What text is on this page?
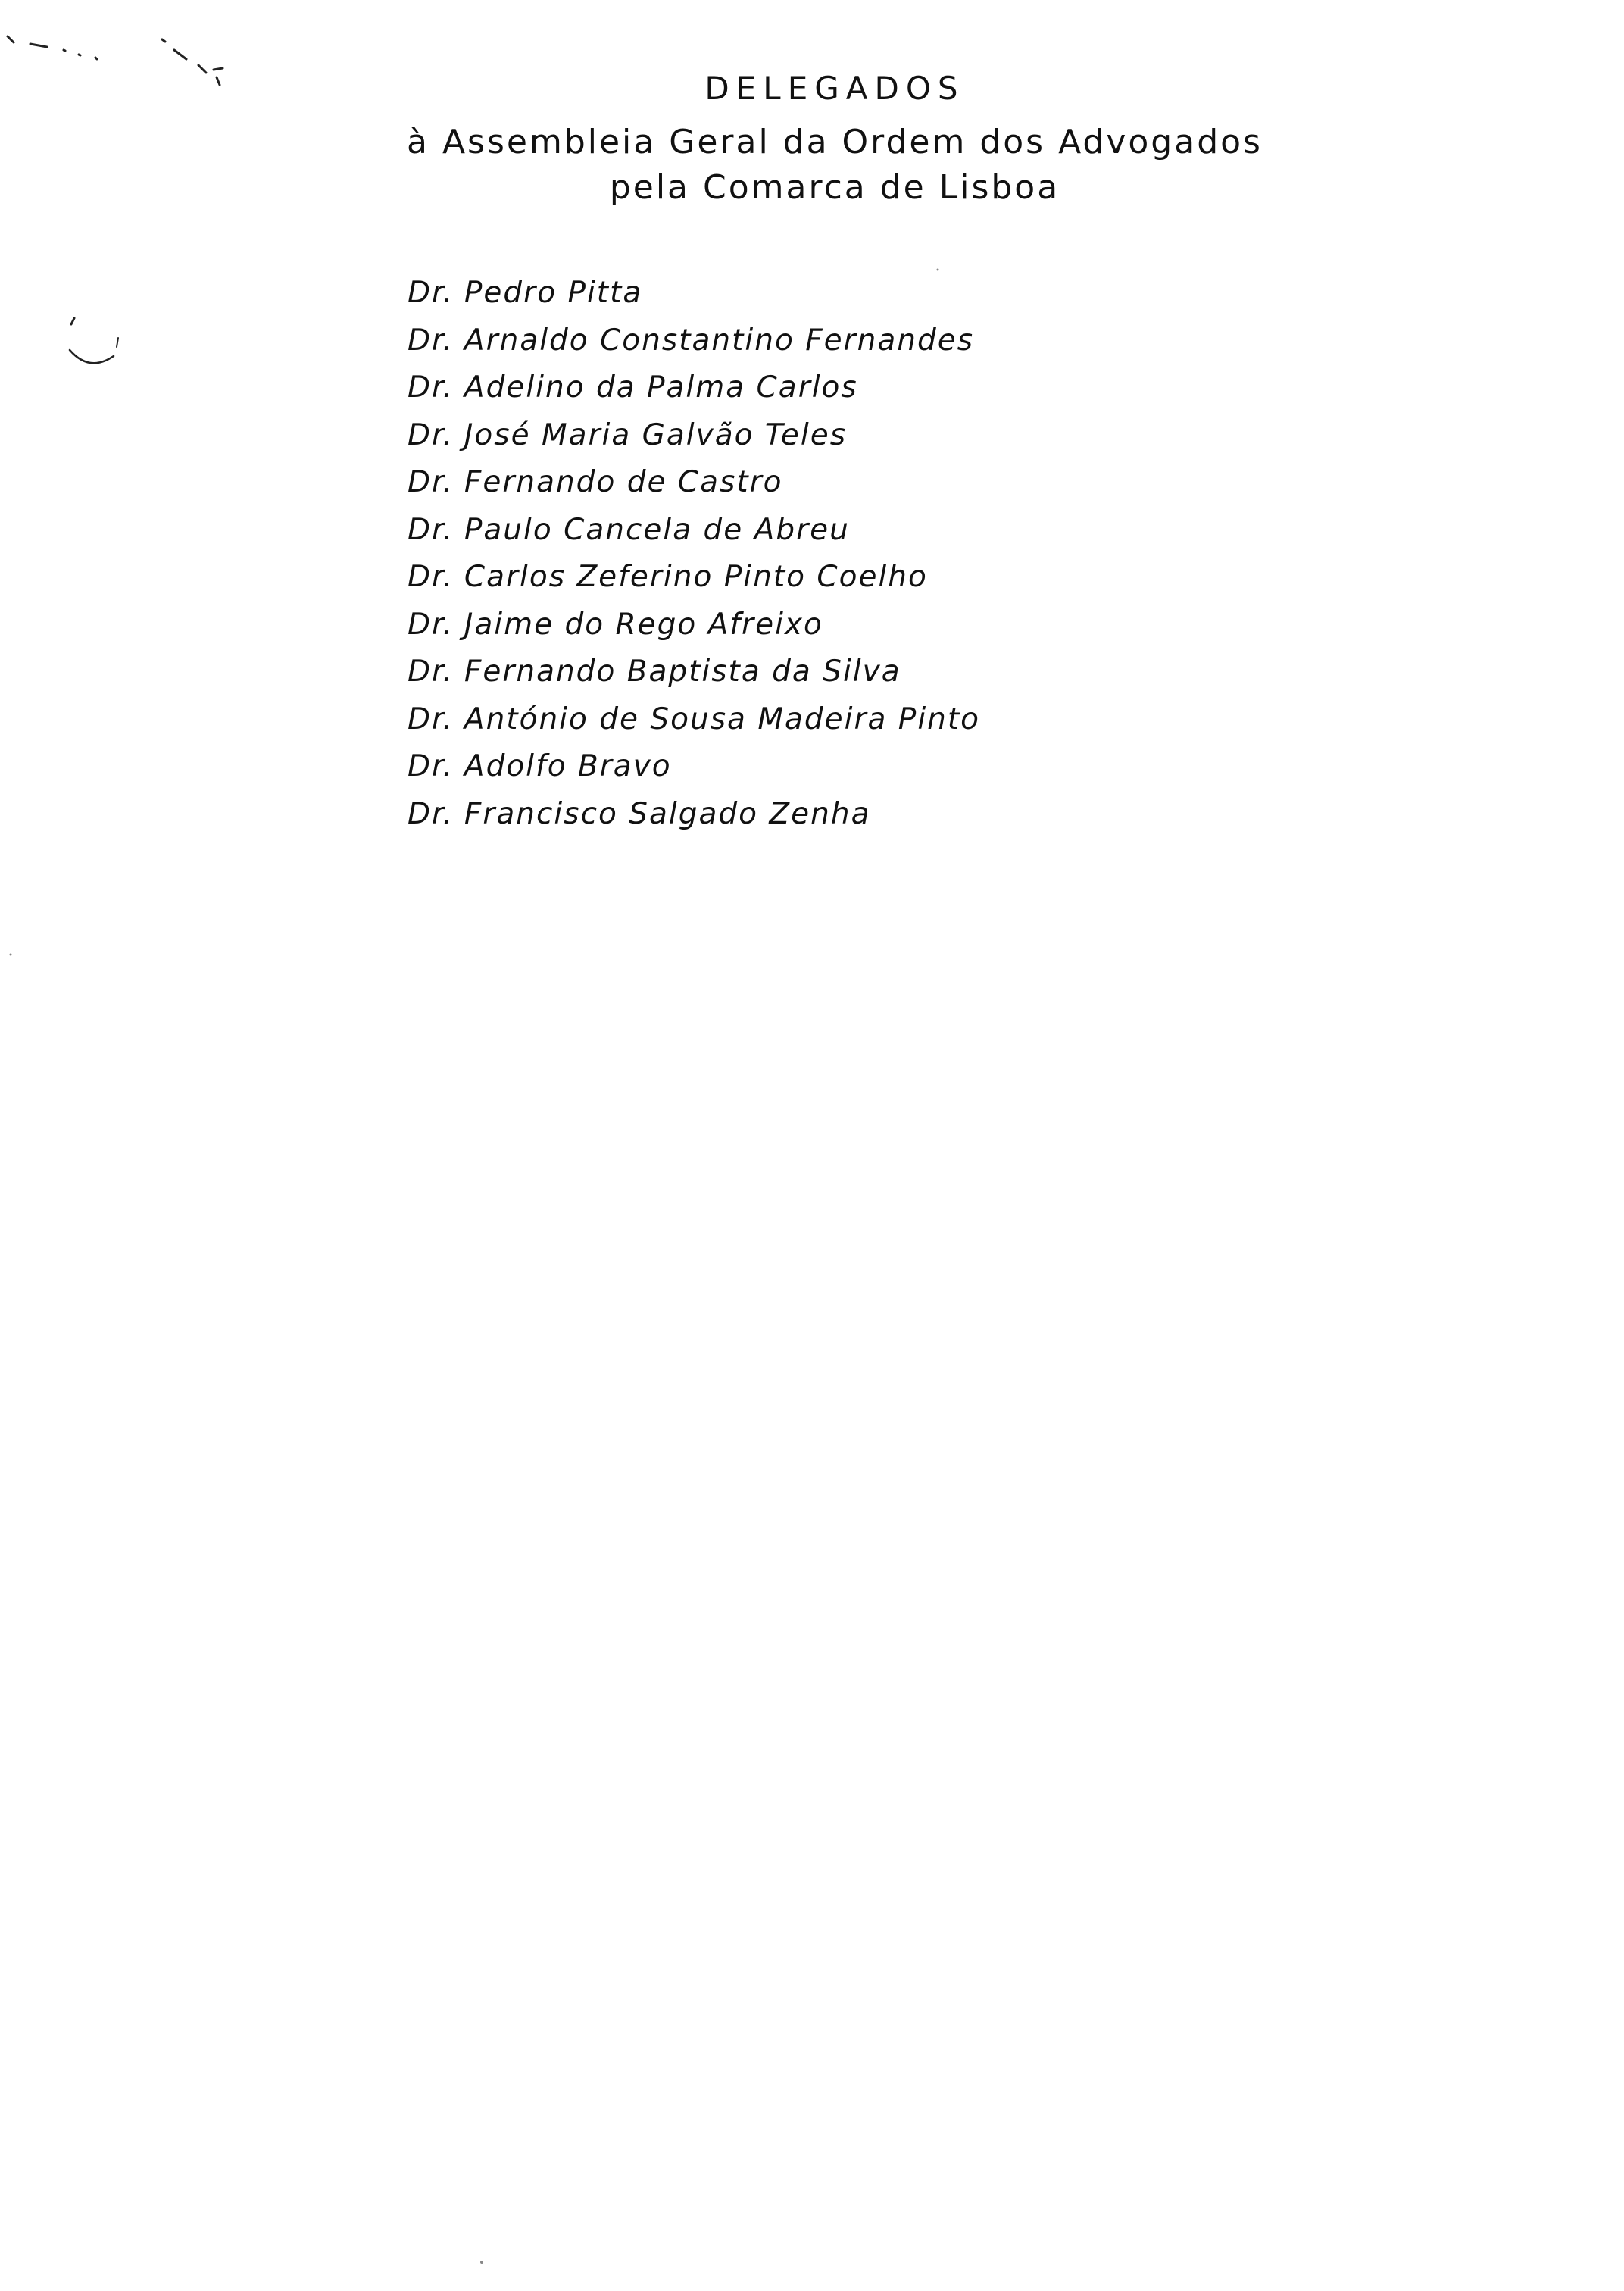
DELEGADOS
à Assembleia Geral da Ordem dos Advogados
pela Comarca de Lisboa
Dr. Pedro Pitta
Dr. Arnaldo Constantino Fernandes
Dr. Adelino da Palma Carlos
Dr. José Maria Galvão Teles
Dr. Fernando de Castro
Dr. Paulo Cancela de Abreu
Dr. Carlos Zeferino Pinto Coelho
Dr. Jaime do Rego Afreixo
Dr. Fernando Baptista da Silva
Dr. António de Sousa Madeira Pinto
Dr. Adolfo Bravo
Dr. Francisco Salgado Zenha
